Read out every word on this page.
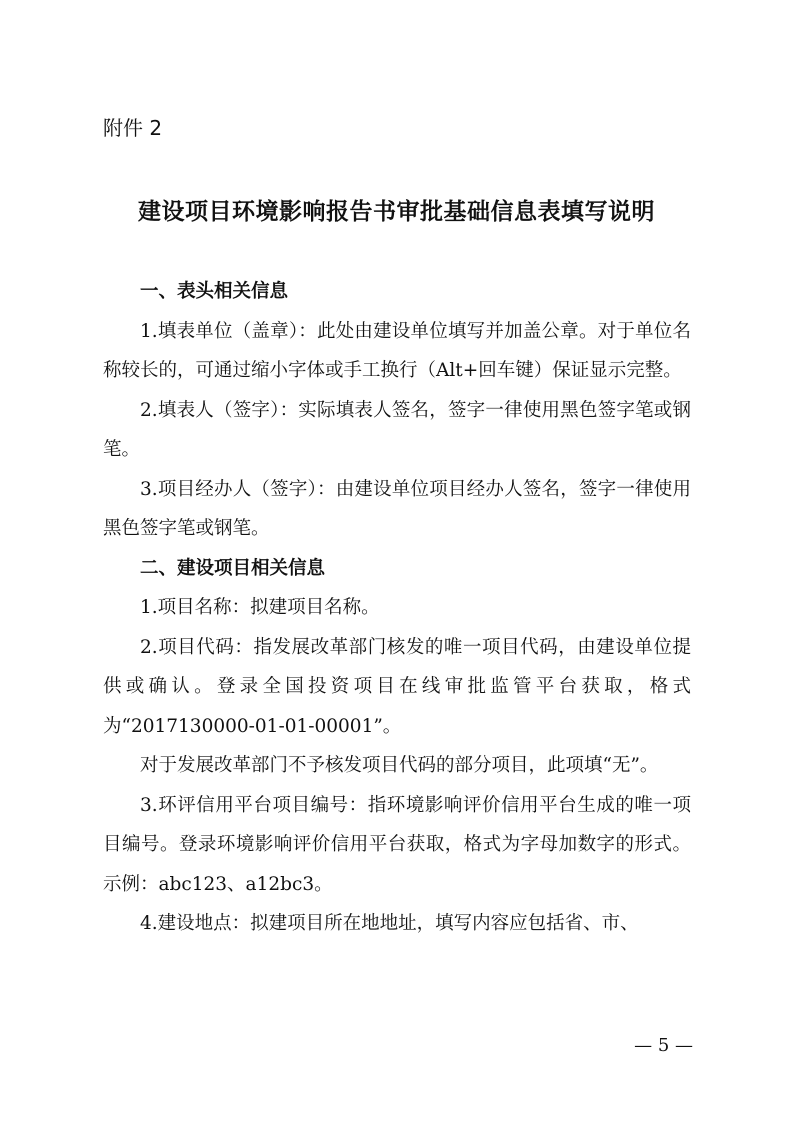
附件 2

建设项目环境影响报告书审批基础信息表填写说明
一、表头相关信息

1.填表单位（盖章）：此处由建设单位填写并加盖公章。对于单位名称较长的，可通过缩小字体或手工换行（Alt+回车键）保证显示完整。

2.填表人（签字）：实际填表人签名，签字一律使用黑色签字笔或钢笔。

3.项目经办人（签字）：由建设单位项目经办人签名，签字一律使用黑色签字笔或钢笔。

二、建设项目相关信息

1.项目名称：拟建项目名称。

2.项目代码：指发展改革部门核发的唯一项目代码，由建设单位提供或确认。登录全国投资项目在线审批监管平台获取，格式为“2017130000-01-01-00001”。

对于发展改革部门不予核发项目代码的部分项目，此项填“无”。

3.环评信用平台项目编号：指环境影响评价信用平台生成的唯一项目编号。登录环境影响评价信用平台获取，格式为字母加数字的形式。示例：abc123、a12bc3。

4.建设地点：拟建项目所在地地址，填写内容应包括省、市、

— 5 —
